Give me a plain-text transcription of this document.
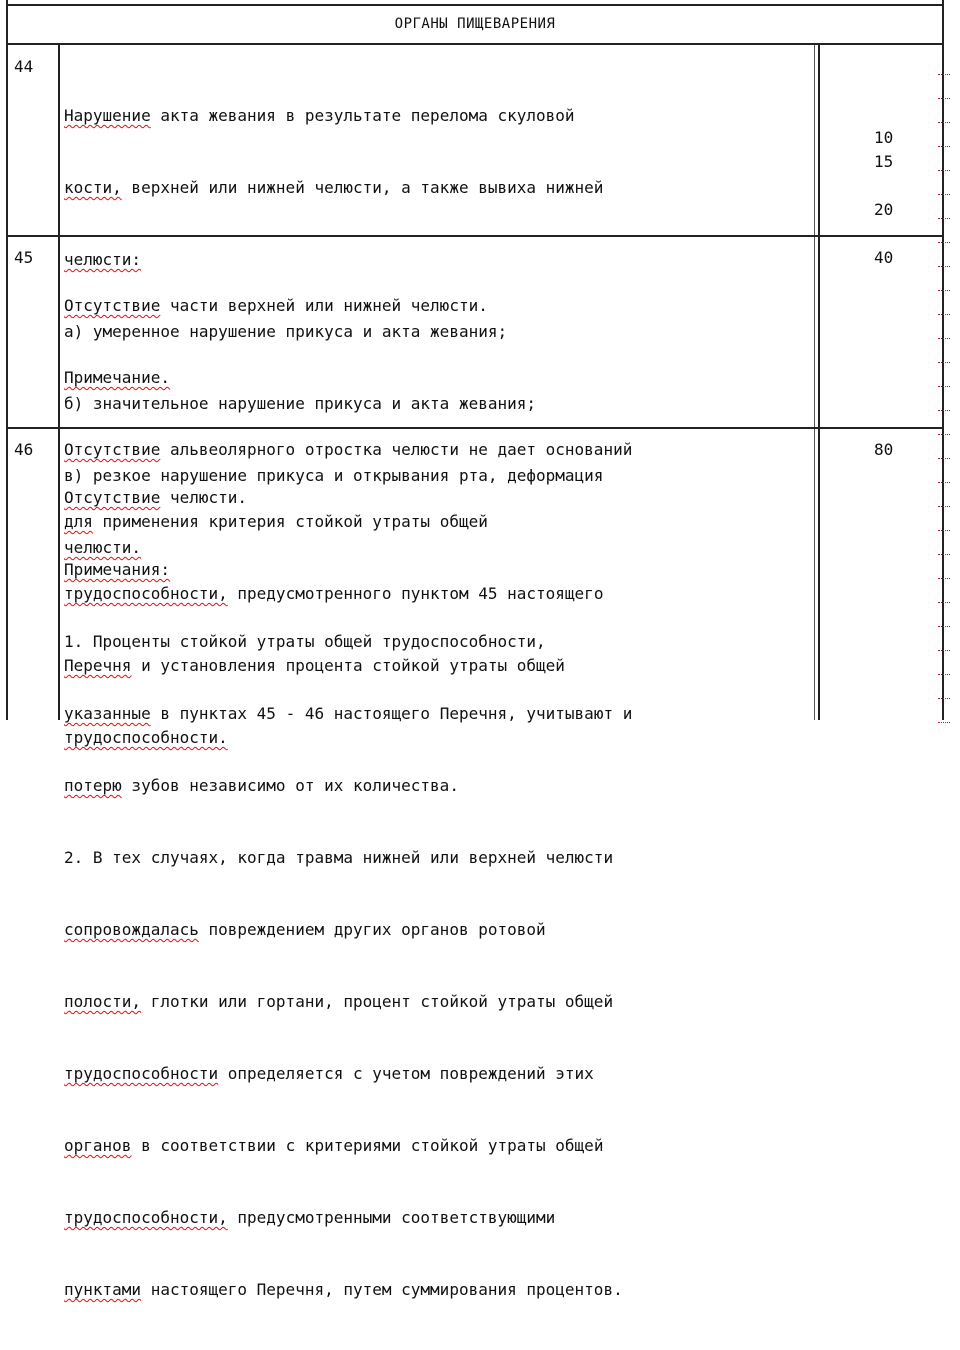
ОРГАНЫ ПИЩЕВАРЕНИЯ
44

Нарушение акта жевания в результате перелома скуловой

кости, верхней или нижней челюсти, а также вывиха нижней

челюсти:

а) умеренное нарушение прикуса и акта жевания;

б) значительное нарушение прикуса и акта жевания;

в) резкое нарушение прикуса и открывания рта, деформация

челюсти.

10
15
20
45

Отсутствие части верхней или нижней челюсти.

Примечание.

Отсутствие альвеолярного отростка челюсти не дает оснований

для применения критерия стойкой утраты общей

трудоспособности, предусмотренного пунктом 45 настоящего

Перечня и установления процента стойкой утраты общей

трудоспособности.

40
46

Отсутствие челюсти.

Примечания:

1. Проценты стойкой утраты общей трудоспособности,

указанные в пунктах 45 - 46 настоящего Перечня, учитывают и

потерю зубов независимо от их количества.

2. В тех случаях, когда травма нижней или верхней челюсти

сопровождалась повреждением других органов ротовой

полости, глотки или гортани, процент стойкой утраты общей

трудоспособности определяется с учетом повреждений этих

органов в соответствии с критериями стойкой утраты общей

трудоспособности, предусмотренными соответствующими

пунктами настоящего Перечня, путем суммирования процентов.

80
